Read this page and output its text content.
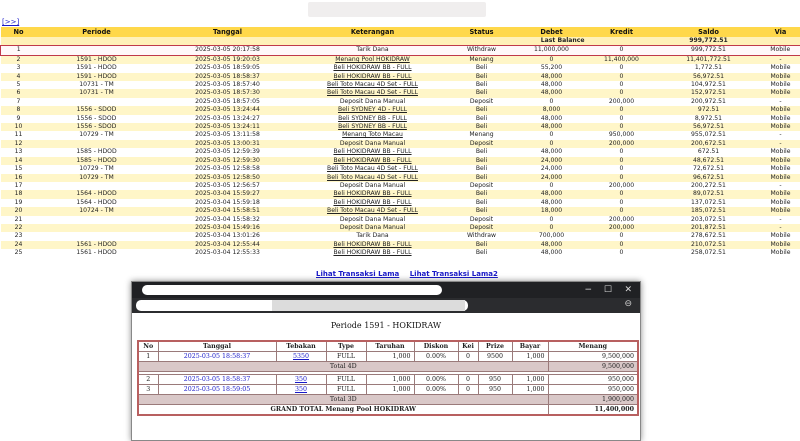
[>>]
No	Periode	Tanggal	Keterangan	Status	Debet	Kredit	Saldo	Via
Last Balance							999,772.51	
1		2025-03-05 20:17:58	Tarik Dana	Withdraw	11,000,000	0	999,772.51	Mobile
2	1591 - HDOD	2025-03-05 19:20:03	Menang Pool HOKIDRAW	Menang	0	11,400,000	11,401,772.51	-
3	1591 - HDOD	2025-03-05 18:59:05	Beli HOKIDRAW BB - FULL	Beli	55,200	0	1,772.51	Mobile
4	1591 - HDOD	2025-03-05 18:58:37	Beli HOKIDRAW BB - FULL	Beli	48,000	0	56,972.51	Mobile
5	10731 - TM	2025-03-05 18:57:40	Beli Toto Macau 4D Set - FULL	Beli	48,000	0	104,972.51	Mobile
6	10731 - TM	2025-03-05 18:57:30	Beli Toto Macau 4D Set - FULL	Beli	48,000	0	152,972.51	Mobile
7		2025-03-05 18:57:05	Deposit Dana Manual	Deposit	0	200,000	200,972.51	-
8	1556 - SDOD	2025-03-05 13:24:44	Beli SYDNEY 4D - FULL	Beli	8,000	0	972.51	Mobile
9	1556 - SDOD	2025-03-05 13:24:27	Beli SYDNEY BB - FULL	Beli	48,000	0	8,972.51	Mobile
10	1556 - SDOD	2025-03-05 13:24:11	Beli SYDNEY BB - FULL	Beli	48,000	0	56,972.51	Mobile
11	10729 - TM	2025-03-05 13:11:58	Menang Toto Macau	Menang	0	950,000	955,072.51	-
12		2025-03-05 13:00:31	Deposit Dana Manual	Deposit	0	200,000	200,672.51	-
13	1585 - HDOD	2025-03-05 12:59:39	Beli HOKIDRAW BB - FULL	Beli	48,000	0	672.51	Mobile
14	1585 - HDOD	2025-03-05 12:59:30	Beli HOKIDRAW BB - FULL	Beli	24,000	0	48,672.51	Mobile
15	10729 - TM	2025-03-05 12:58:58	Beli Toto Macau 4D Set - FULL	Beli	24,000	0	72,672.51	Mobile
16	10729 - TM	2025-03-05 12:58:50	Beli Toto Macau 4D Set - FULL	Beli	24,000	0	96,672.51	Mobile
17		2025-03-05 12:56:57	Deposit Dana Manual	Deposit	0	200,000	200,272.51	-
18	1564 - HDOD	2025-03-04 15:59:27	Beli HOKIDRAW BB - FULL	Beli	48,000	0	89,072.51	Mobile
19	1564 - HDOD	2025-03-04 15:59:18	Beli HOKIDRAW BB - FULL	Beli	48,000	0	137,072.51	Mobile
20	10724 - TM	2025-03-04 15:58:51	Beli Toto Macau 4D Set - FULL	Beli	18,000	0	185,072.51	Mobile
21		2025-03-04 15:58:32	Deposit Dana Manual	Deposit	0	200,000	203,072.51	-
22		2025-03-04 15:49:16	Deposit Dana Manual	Deposit	0	200,000	201,872.51	-
23		2025-03-04 13:01:26	Tarik Dana	Withdraw	700,000	0	278,672.51	Mobile
24	1561 - HDOD	2025-03-04 12:55:44	Beli HOKIDRAW BB - FULL	Beli	48,000	0	210,072.51	Mobile
25	1561 - HDOD	2025-03-04 12:55:33	Beli HOKIDRAW BB - FULL	Beli	48,000	0	258,072.51	Mobile
Lihat Transaksi Lama Lihat Transaksi Lama2
− ☐ ✕
⊖
Periode 1591 - HOKIDRAW
No	Tanggal	Tebakan	Type	Taruhan	Diskon	Kei	Prize	Bayar	Menang
1	2025-03-05 18:58:37	5350	FULL	1,000	0.00%	0	9500	1,000	9,500,000
Total 4D									9,500,000

2	2025-03-05 18:58:37	350	FULL	1,000	0.00%	0	950	1,000	950,000
3	2025-03-05 18:59:05	350	FULL	1,000	0.00%	0	950	1,000	950,000
Total 3D									1,900,000
GRAND TOTAL Menang Pool HOKIDRAW									11,400,000
